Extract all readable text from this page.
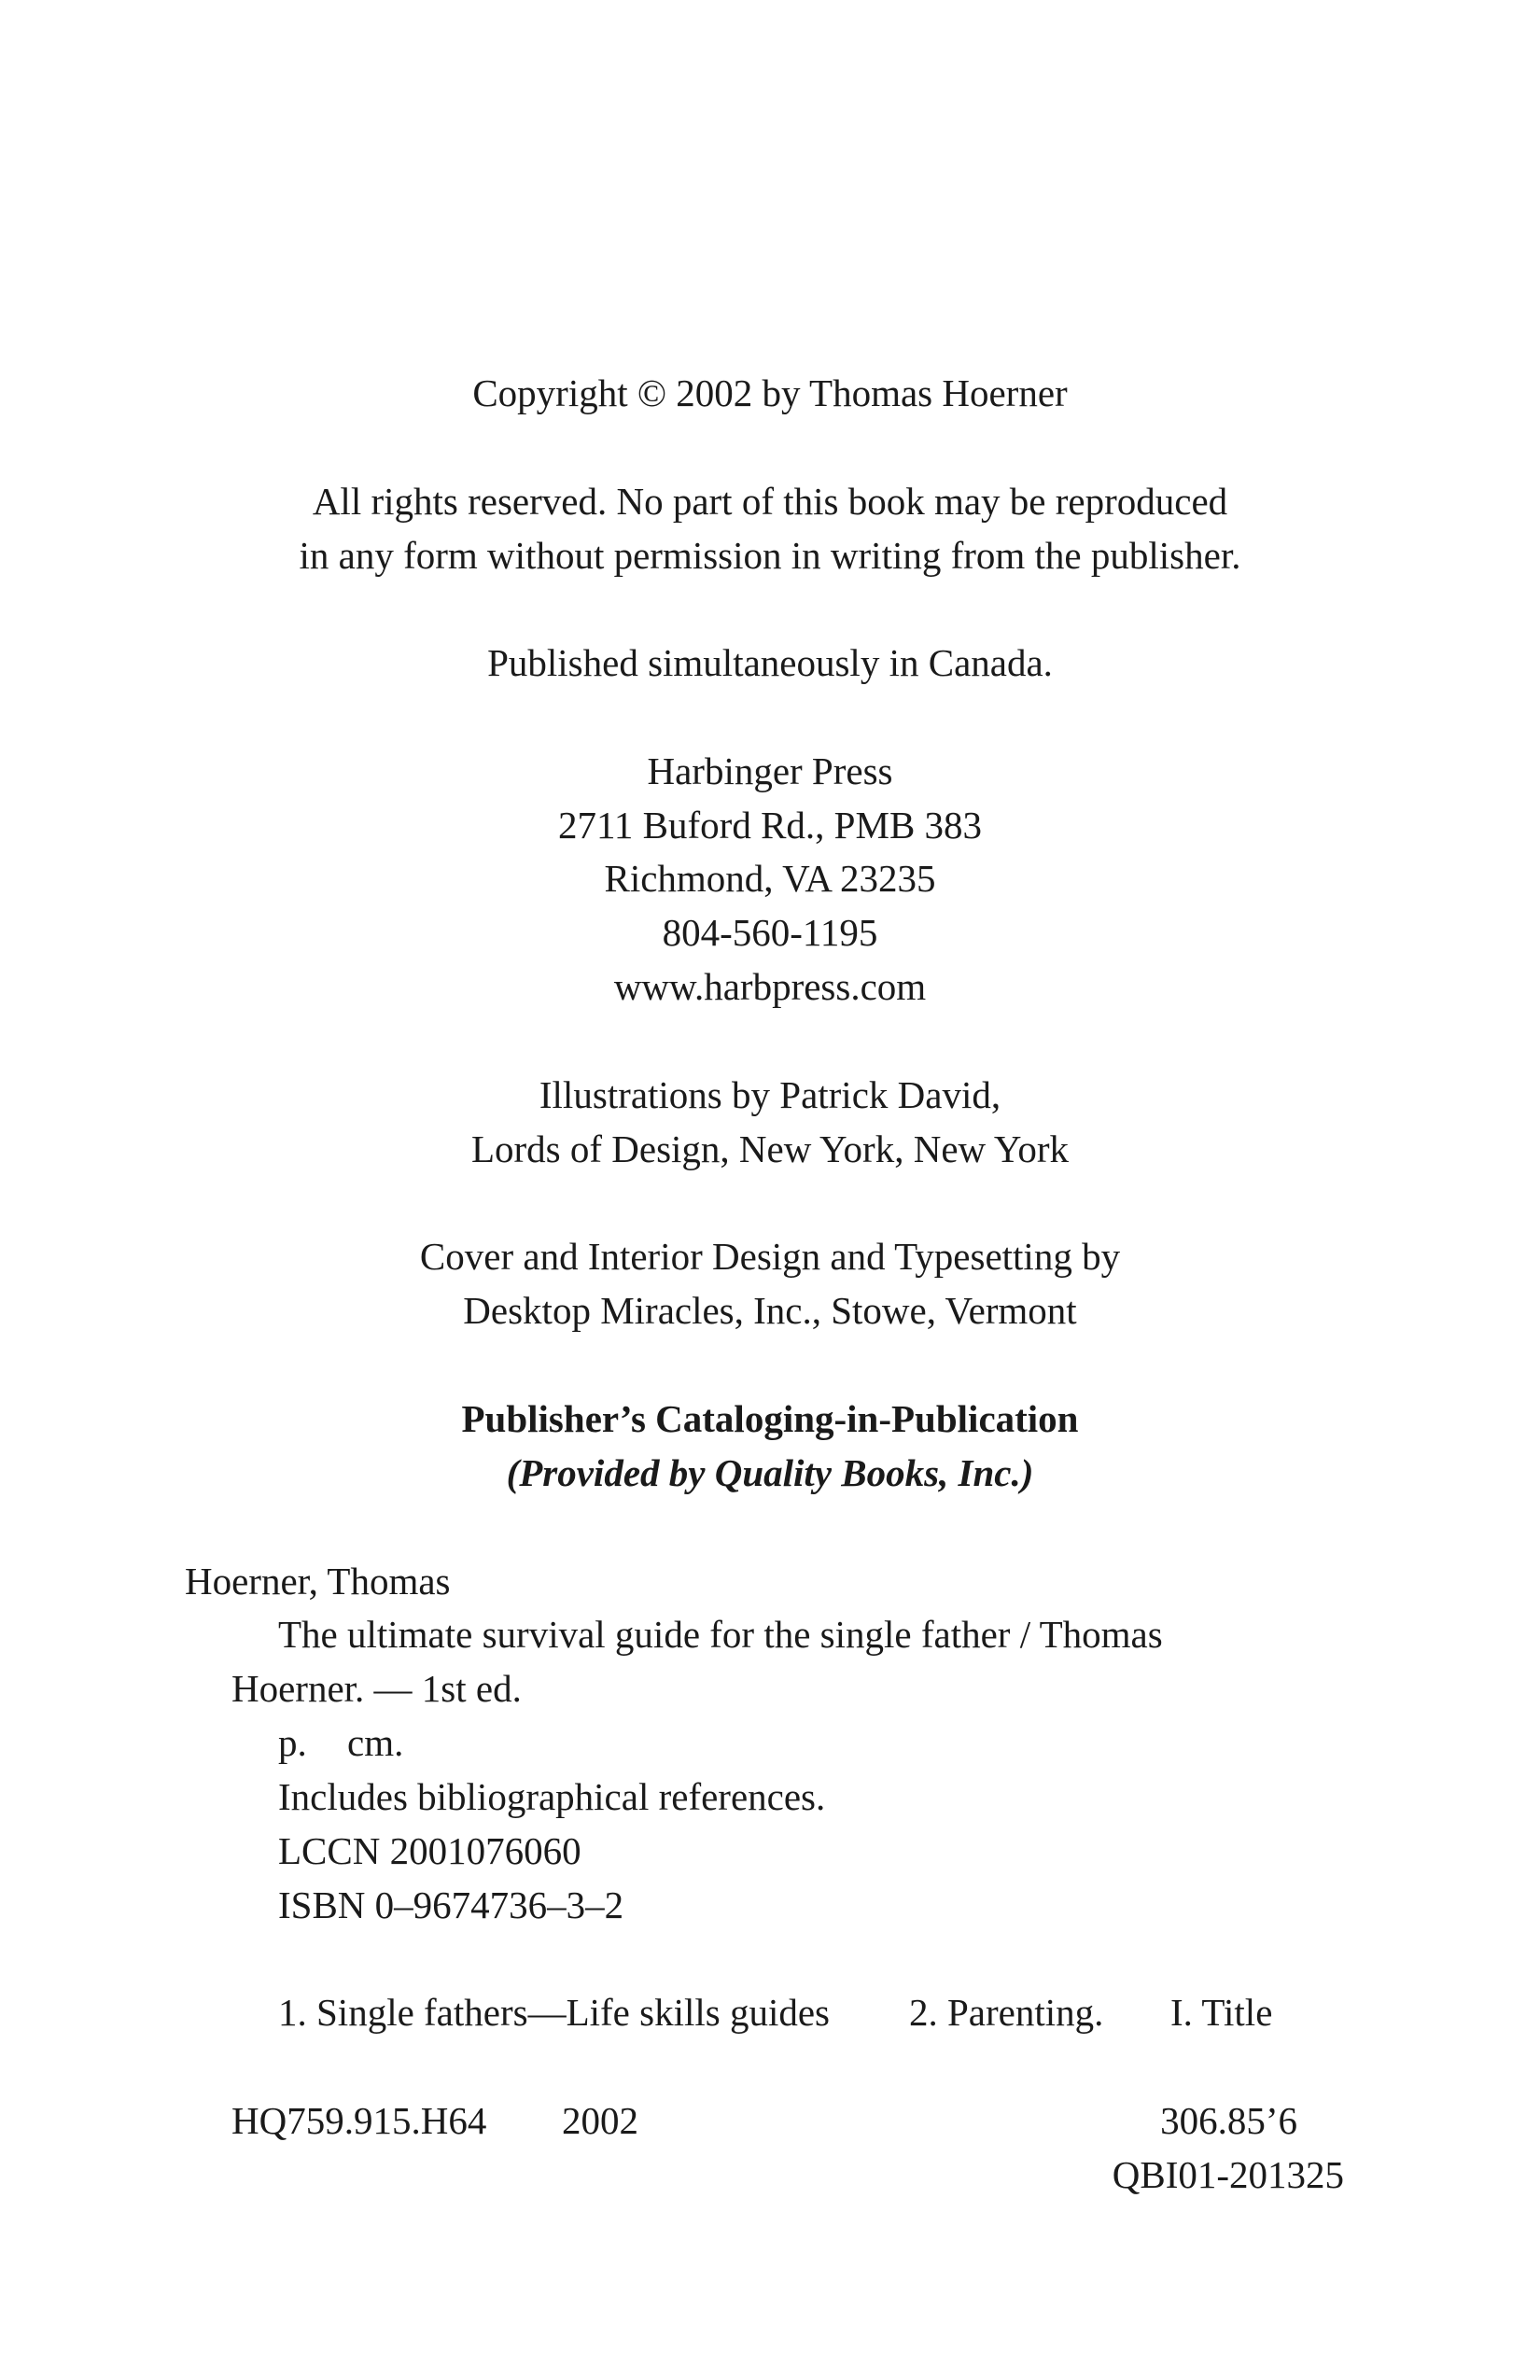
Copyright © 2002 by Thomas Hoerner
All rights reserved. No part of this book may be reproduced
in any form without permission in writing from the publisher.
Published simultaneously in Canada.
Harbinger Press
2711 Buford Rd., PMB 383
Richmond, VA 23235
804-560-1195
www.harbpress.com
Illustrations by Patrick David,
Lords of Design, New York, New York
Cover and Interior Design and Typesetting by
Desktop Miracles, Inc., Stowe, Vermont
Publisher’s Cataloging-in-Publication
(Provided by Quality Books, Inc.)
Hoerner, Thomas
The ultimate survival guide for the single father / Thomas
Hoerner. — 1st ed.
p. cm.
Includes bibliographical references.
LCCN 2001076060
ISBN 0–9674736–3–2
1. Single fathers—Life skills guides 2. Parenting. I. Title
HQ759.915.H64 2002	306.85’6
QBI01-201325
